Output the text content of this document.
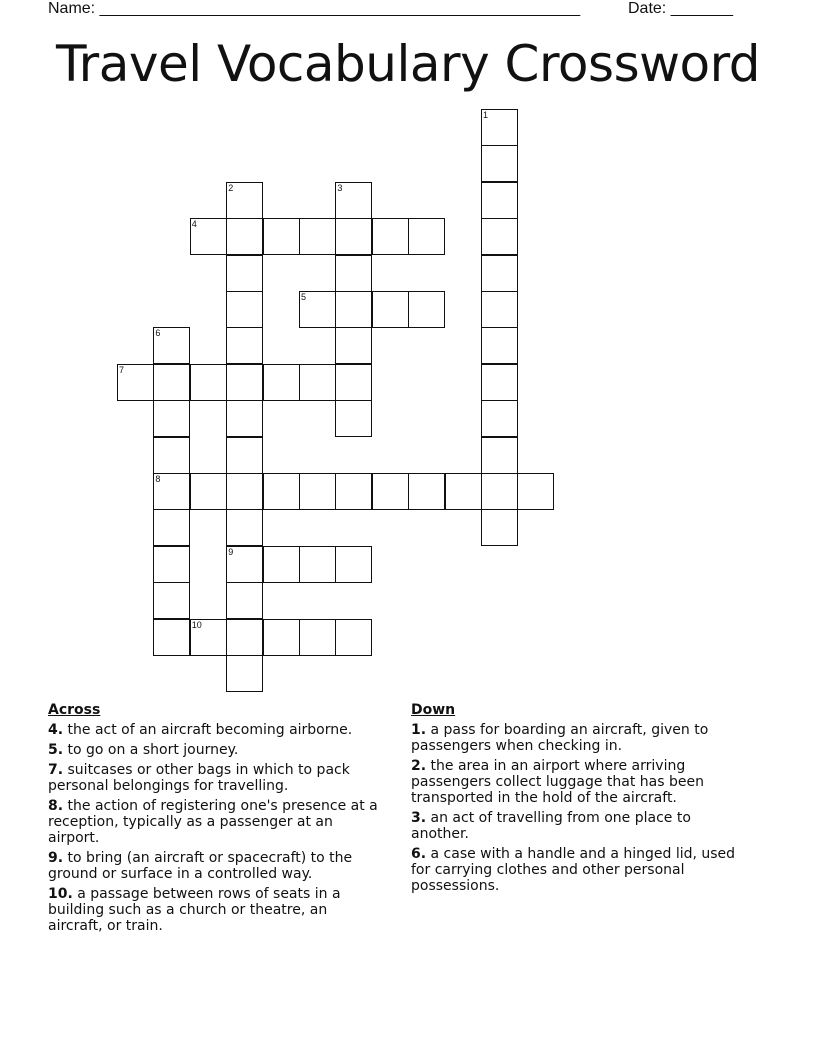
Name: ______________________________________________________	Date: _______
Travel Vocabulary Crossword
1
2
9
3
4
5
6
8
7
10
Across
4. the act of an aircraft becoming airborne.
5. to go on a short journey.
7. suitcases or other bags in which to pack personal belongings for travelling.
8. the action of registering one's presence at a reception, typically as a passenger at an airport.
9. to bring (an aircraft or spacecraft) to the ground or surface in a controlled way.
10. a passage between rows of seats in a building such as a church or theatre, an aircraft, or train.
Down
1. a pass for boarding an aircraft, given to passengers when checking in.
2. the area in an airport where arriving passengers collect luggage that has been transported in the hold of the aircraft.
3. an act of travelling from one place to another.
6. a case with a handle and a hinged lid, used for carrying clothes and other personal possessions.
